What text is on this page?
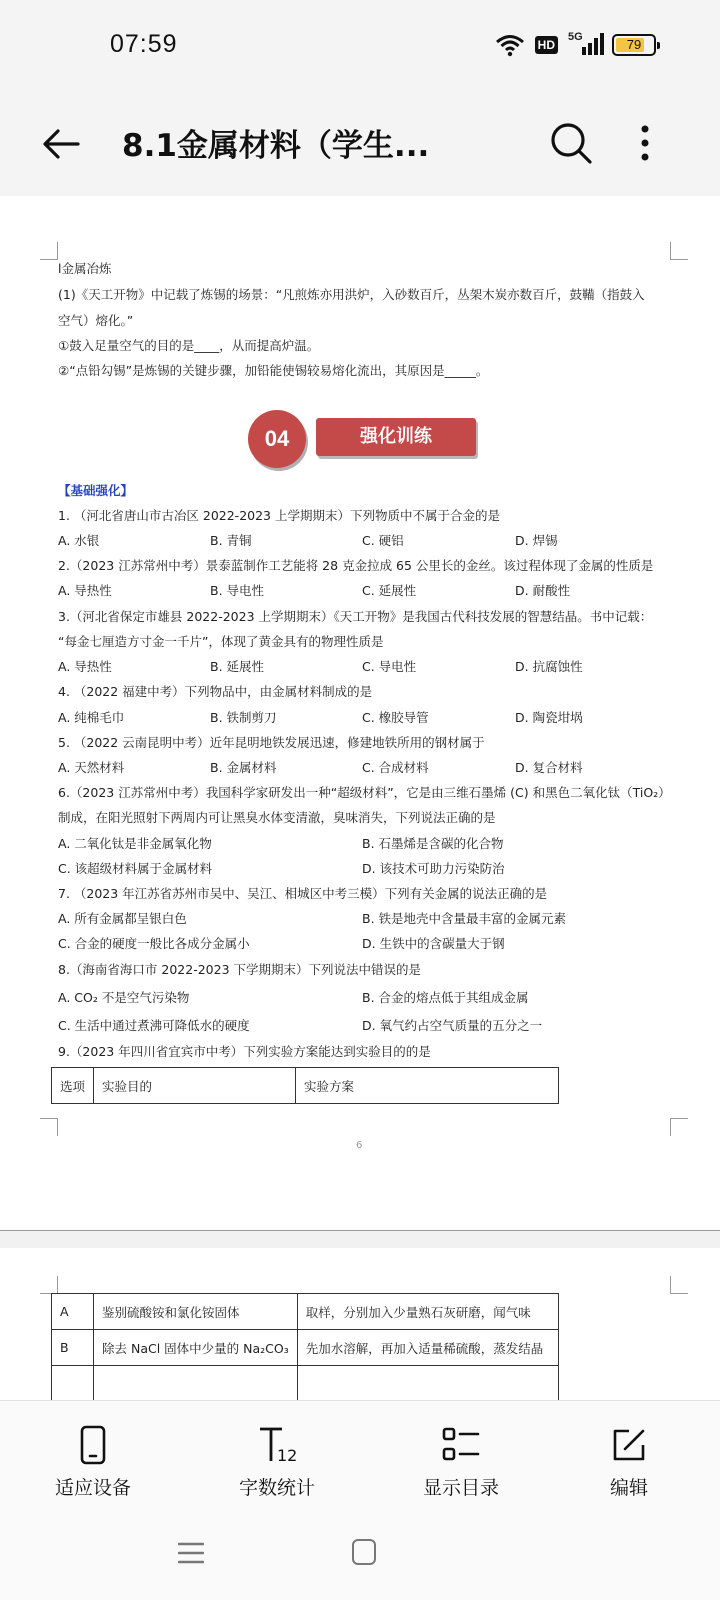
07:59	HD
5G	79
8.1金属材料（学生...
l金属冶炼
(1)《天工开物》中记载了炼锡的场景：“凡煎炼亦用洪炉，入砂数百斤，丛架木炭亦数百斤，鼓鞴（指鼓入
空气）熔化。”
①鼓入足量空气的目的是____，从而提高炉温。
②“点铅勾锡”是炼锡的关键步骤，加铅能使锡较易熔化流出，其原因是_____。
04	强化训练
【基础强化】
1. （河北省唐山市古冶区 2022-2023 上学期期末）下列物质中不属于合金的是
A. 水银	B. 青铜	C. 硬铝	D. 焊锡
2.（2023 江苏常州中考）景泰蓝制作工艺能将 28 克金拉成 65 公里长的金丝。该过程体现了金属的性质是
A. 导热性	B. 导电性	C. 延展性	D. 耐酸性
3.（河北省保定市雄县 2022-2023 上学期期末）《天工开物》是我国古代科技发展的智慧结晶。书中记载：
“每金七厘造方寸金一千片”，体现了黄金具有的物理性质是
A. 导热性	B. 延展性	C. 导电性	D. 抗腐蚀性
4. （2022 福建中考）下列物品中，由金属材料制成的是
A. 纯棉毛巾	B. 铁制剪刀	C. 橡胶导管	D. 陶瓷坩埚
5. （2022 云南昆明中考）近年昆明地铁发展迅速，修建地铁所用的钢材属于
A. 天然材料	B. 金属材料	C. 合成材料	D. 复合材料
6.（2023 江苏常州中考）我国科学家研发出一种“超级材料”，它是由三维石墨烯 (C) 和黑色二氧化钛（TiO₂）
制成，在阳光照射下两周内可让黑臭水体变清澈，臭味消失，下列说法正确的是
A. 二氧化钛是非金属氧化物	B. 石墨烯是含碳的化合物
C. 该超级材料属于金属材料	D. 该技术可助力污染防治
7. （2023 年江苏省苏州市吴中、吴江、相城区中考三模）下列有关金属的说法正确的是
A. 所有金属都呈银白色	B. 铁是地壳中含量最丰富的金属元素
C. 合金的硬度一般比各成分金属小	D. 生铁中的含碳量大于钢
8.（海南省海口市 2022-2023 下学期期末）下列说法中错误的是
A. CO₂ 不是空气污染物	B. 合金的熔点低于其组成金属
C. 生活中通过煮沸可降低水的硬度	D. 氧气约占空气质量的五分之一
9.（2023 年四川省宜宾市中考）下列实验方案能达到实验目的的是
选项	实验目的	实验方案
6
A	鉴别硫酸铵和氯化铵固体	取样，分别加入少量熟石灰研磨，闻气味
B	除去 NaCl 固体中少量的 Na₂CO₃	先加水溶解，再加入适量稀硫酸，蒸发结晶

适应设备
12
字数统计	显示目录	编辑
